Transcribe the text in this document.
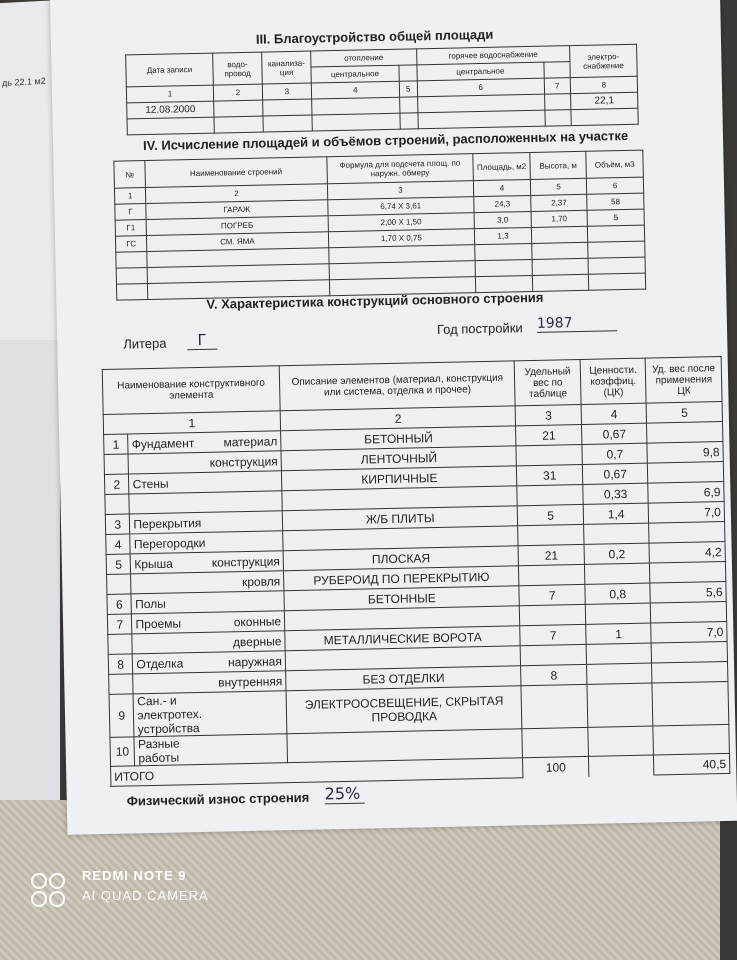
дь 22.1 м2
III. Благоустройство общей площади
Дата записи	водо-провод	канализа-ция	отопление		горячее водоснабжение		электро-снабжение
			центральное		центральное		
1	2	3	4	5	6	7	8
12.08.2000							22,1

IV. Исчисление площадей и объёмов строений, расположенных на участке
№	Наименование строений	Формула для подсчета площ. по наружн. обмеру	Площадь, м2	Высота, м	Объём, м3
1	2	3	4	5	6
Г	ГАРАЖ	6,74 X 3,61	24,3	2,37	58
Г1	ПОГРЕБ	2,00 X 1,50	3,0	1,70	5
ГС	СМ. ЯМА	1,70 X 0,75	1,3		

V. Характеристика конструкций основного строения
Литера	Г
Год постройки 1987
Наименование конструктивного элемента			Описание элементов (материал, конструкция или система, отделка и прочее)	Удельный вес по таблице	Ценности. коэффиц. (ЦК)	Уд. вес после применения ЦК
1			2	3	4	5
1	Фундамент	материал	БЕТОННЫЙ	21	0,67	
		конструкция	ЛЕНТОЧНЫЙ		0,7	9,8
2	Стены		КИРПИЧНЫЕ	31	0,67	
					0,33	6,9
3	Перекрытия		Ж/Б ПЛИТЫ	5	1,4	7,0
4	Перегородки					
5	Крыша	конструкция	ПЛОСКАЯ	21	0,2	4,2
		кровля	РУБЕРОИД ПО ПЕРЕКРЫТИЮ			
6	Полы		БЕТОННЫЕ	7	0,8	5,6
7	Проемы	оконные				
		дверные	МЕТАЛЛИЧЕСКИЕ ВОРОТА	7	1	7,0
8	Отделка	наружная				
		внутренняя	БЕЗ ОТДЕЛКИ	8		
9	Сан.- и электротех. устройства		ЭЛЕКТРООСВЕЩЕНИЕ, СКРЫТАЯ ПРОВОДКА			
10	Разные работы					
ИТОГО				100		40,5
Физический износ строения 25%
REDMI NOTE 9
AI QUAD CAMERA
